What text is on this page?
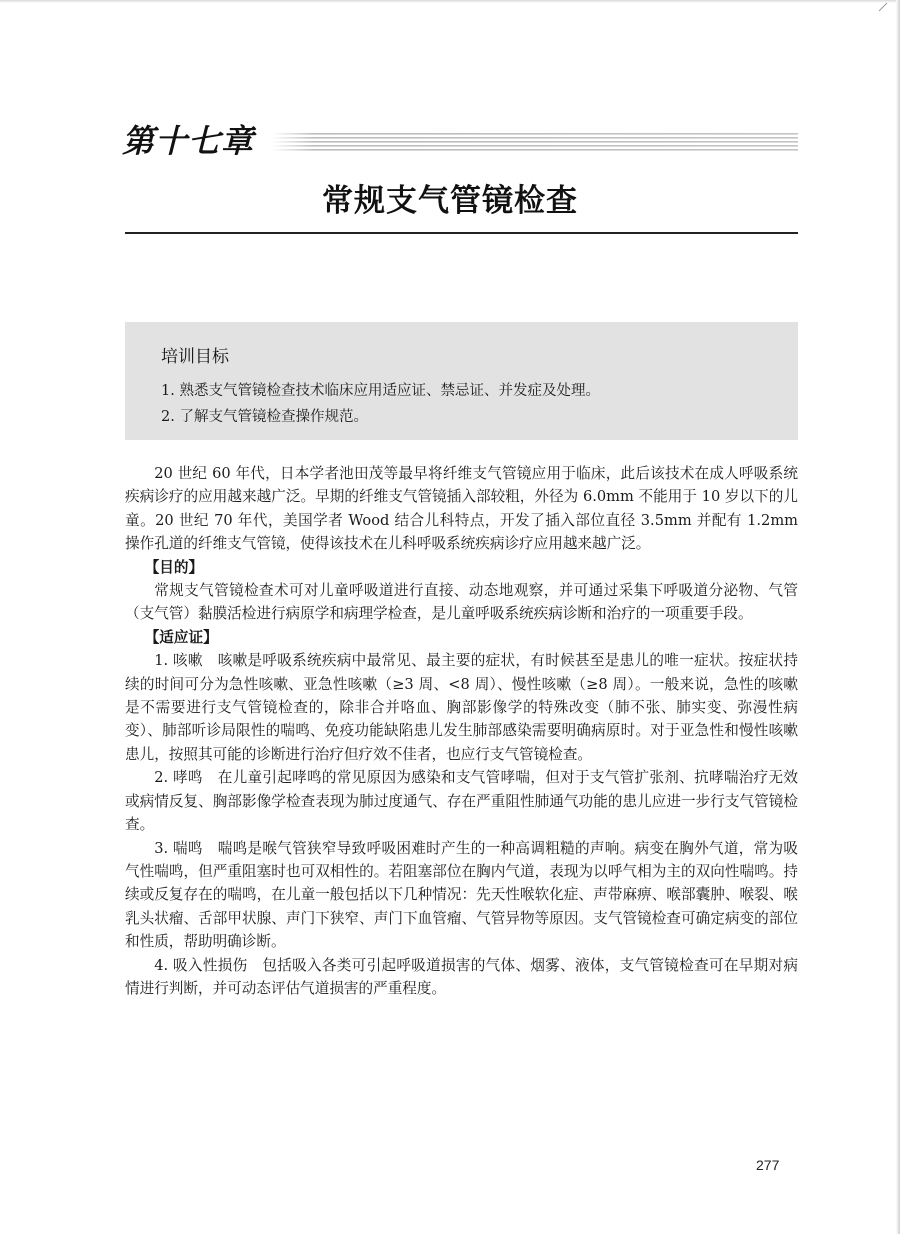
第十七章
常规支气管镜检查
培训目标
1. 熟悉支气管镜检查技术临床应用适应证、禁忌证、并发症及处理。
2. 了解支气管镜检查操作规范。

20 世纪 60 年代，日本学者池田茂等最早将纤维支气管镜应用于临床，此后该技术在成人呼吸系统疾病诊疗的应用越来越广泛。早期的纤维支气管镜插入部较粗，外径为 6.0mm 不能用于 10 岁以下的儿童。20 世纪 70 年代，美国学者 Wood 结合儿科特点，开发了插入部位直径 3.5mm 并配有 1.2mm 操作孔道的纤维支气管镜，使得该技术在儿科呼吸系统疾病诊疗应用越来越广泛。

【目的】

常规支气管镜检查术可对儿童呼吸道进行直接、动态地观察，并可通过采集下呼吸道分泌物、气管（支气管）黏膜活检进行病原学和病理学检查，是儿童呼吸系统疾病诊断和治疗的一项重要手段。

【适应证】

1. 咳嗽　咳嗽是呼吸系统疾病中最常见、最主要的症状，有时候甚至是患儿的唯一症状。按症状持续的时间可分为急性咳嗽、亚急性咳嗽（≥3 周、<8 周）、慢性咳嗽（≥8 周）。一般来说，急性的咳嗽是不需要进行支气管镜检查的，除非合并咯血、胸部影像学的特殊改变（肺不张、肺实变、弥漫性病变）、肺部听诊局限性的喘鸣、免疫功能缺陷患儿发生肺部感染需要明确病原时。对于亚急性和慢性咳嗽患儿，按照其可能的诊断进行治疗但疗效不佳者，也应行支气管镜检查。

2. 哮鸣　在儿童引起哮鸣的常见原因为感染和支气管哮喘，但对于支气管扩张剂、抗哮喘治疗无效或病情反复、胸部影像学检查表现为肺过度通气、存在严重阻性肺通气功能的患儿应进一步行支气管镜检查。

3. 喘鸣　喘鸣是喉气管狭窄导致呼吸困难时产生的一种高调粗糙的声响。病变在胸外气道，常为吸气性喘鸣，但严重阻塞时也可双相性的。若阻塞部位在胸内气道，表现为以呼气相为主的双向性喘鸣。持续或反复存在的喘鸣，在儿童一般包括以下几种情况：先天性喉软化症、声带麻痹、喉部囊肿、喉裂、喉乳头状瘤、舌部甲状腺、声门下狭窄、声门下血管瘤、气管异物等原因。支气管镜检查可确定病变的部位和性质，帮助明确诊断。

4. 吸入性损伤　包括吸入各类可引起呼吸道损害的气体、烟雾、液体，支气管镜检查可在早期对病情进行判断，并可动态评估气道损害的严重程度。

277
